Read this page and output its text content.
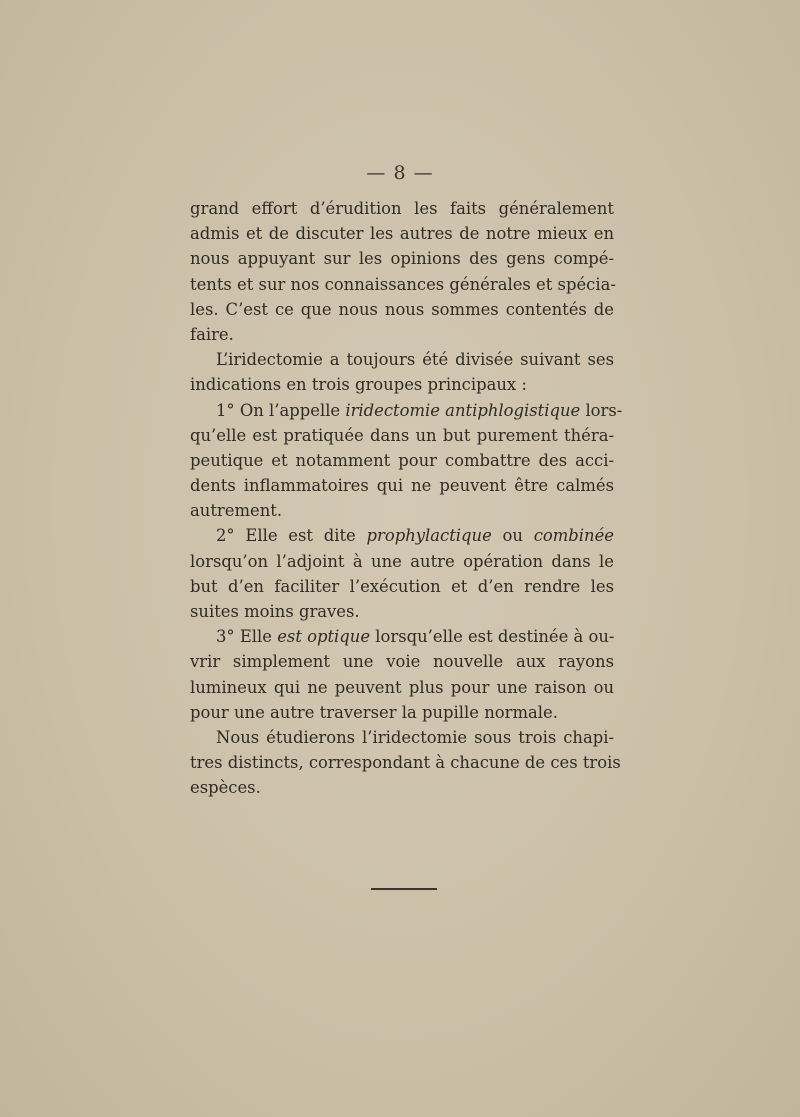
— 8 —
grand effort d’érudition les faits généralement
admis et de discuter les autres de notre mieux en
nous appuyant sur les opinions des gens compé-
tents et sur nos connaissances générales et spécia-
les. C’est ce que nous nous sommes contentés de
faire.
L’iridectomie a toujours été divisée suivant ses
indications en trois groupes principaux :
1° On l’appelle iridectomie antiphlogistique lors-
qu’elle est pratiquée dans un but purement théra-
peutique et notamment pour combattre des acci-
dents inflammatoires qui ne peuvent être calmés
autrement.
2° Elle est dite prophylactique ou combinée
lorsqu’on l’adjoint à une autre opération dans le
but d’en faciliter l’exécution et d’en rendre les
suites moins graves.
3° Elle est optique lorsqu’elle est destinée à ou-
vrir simplement une voie nouvelle aux rayons
lumineux qui ne peuvent plus pour une raison ou
pour une autre traverser la pupille normale.
Nous étudierons l’iridectomie sous trois chapi-
tres distincts, correspondant à chacune de ces trois
espèces.
